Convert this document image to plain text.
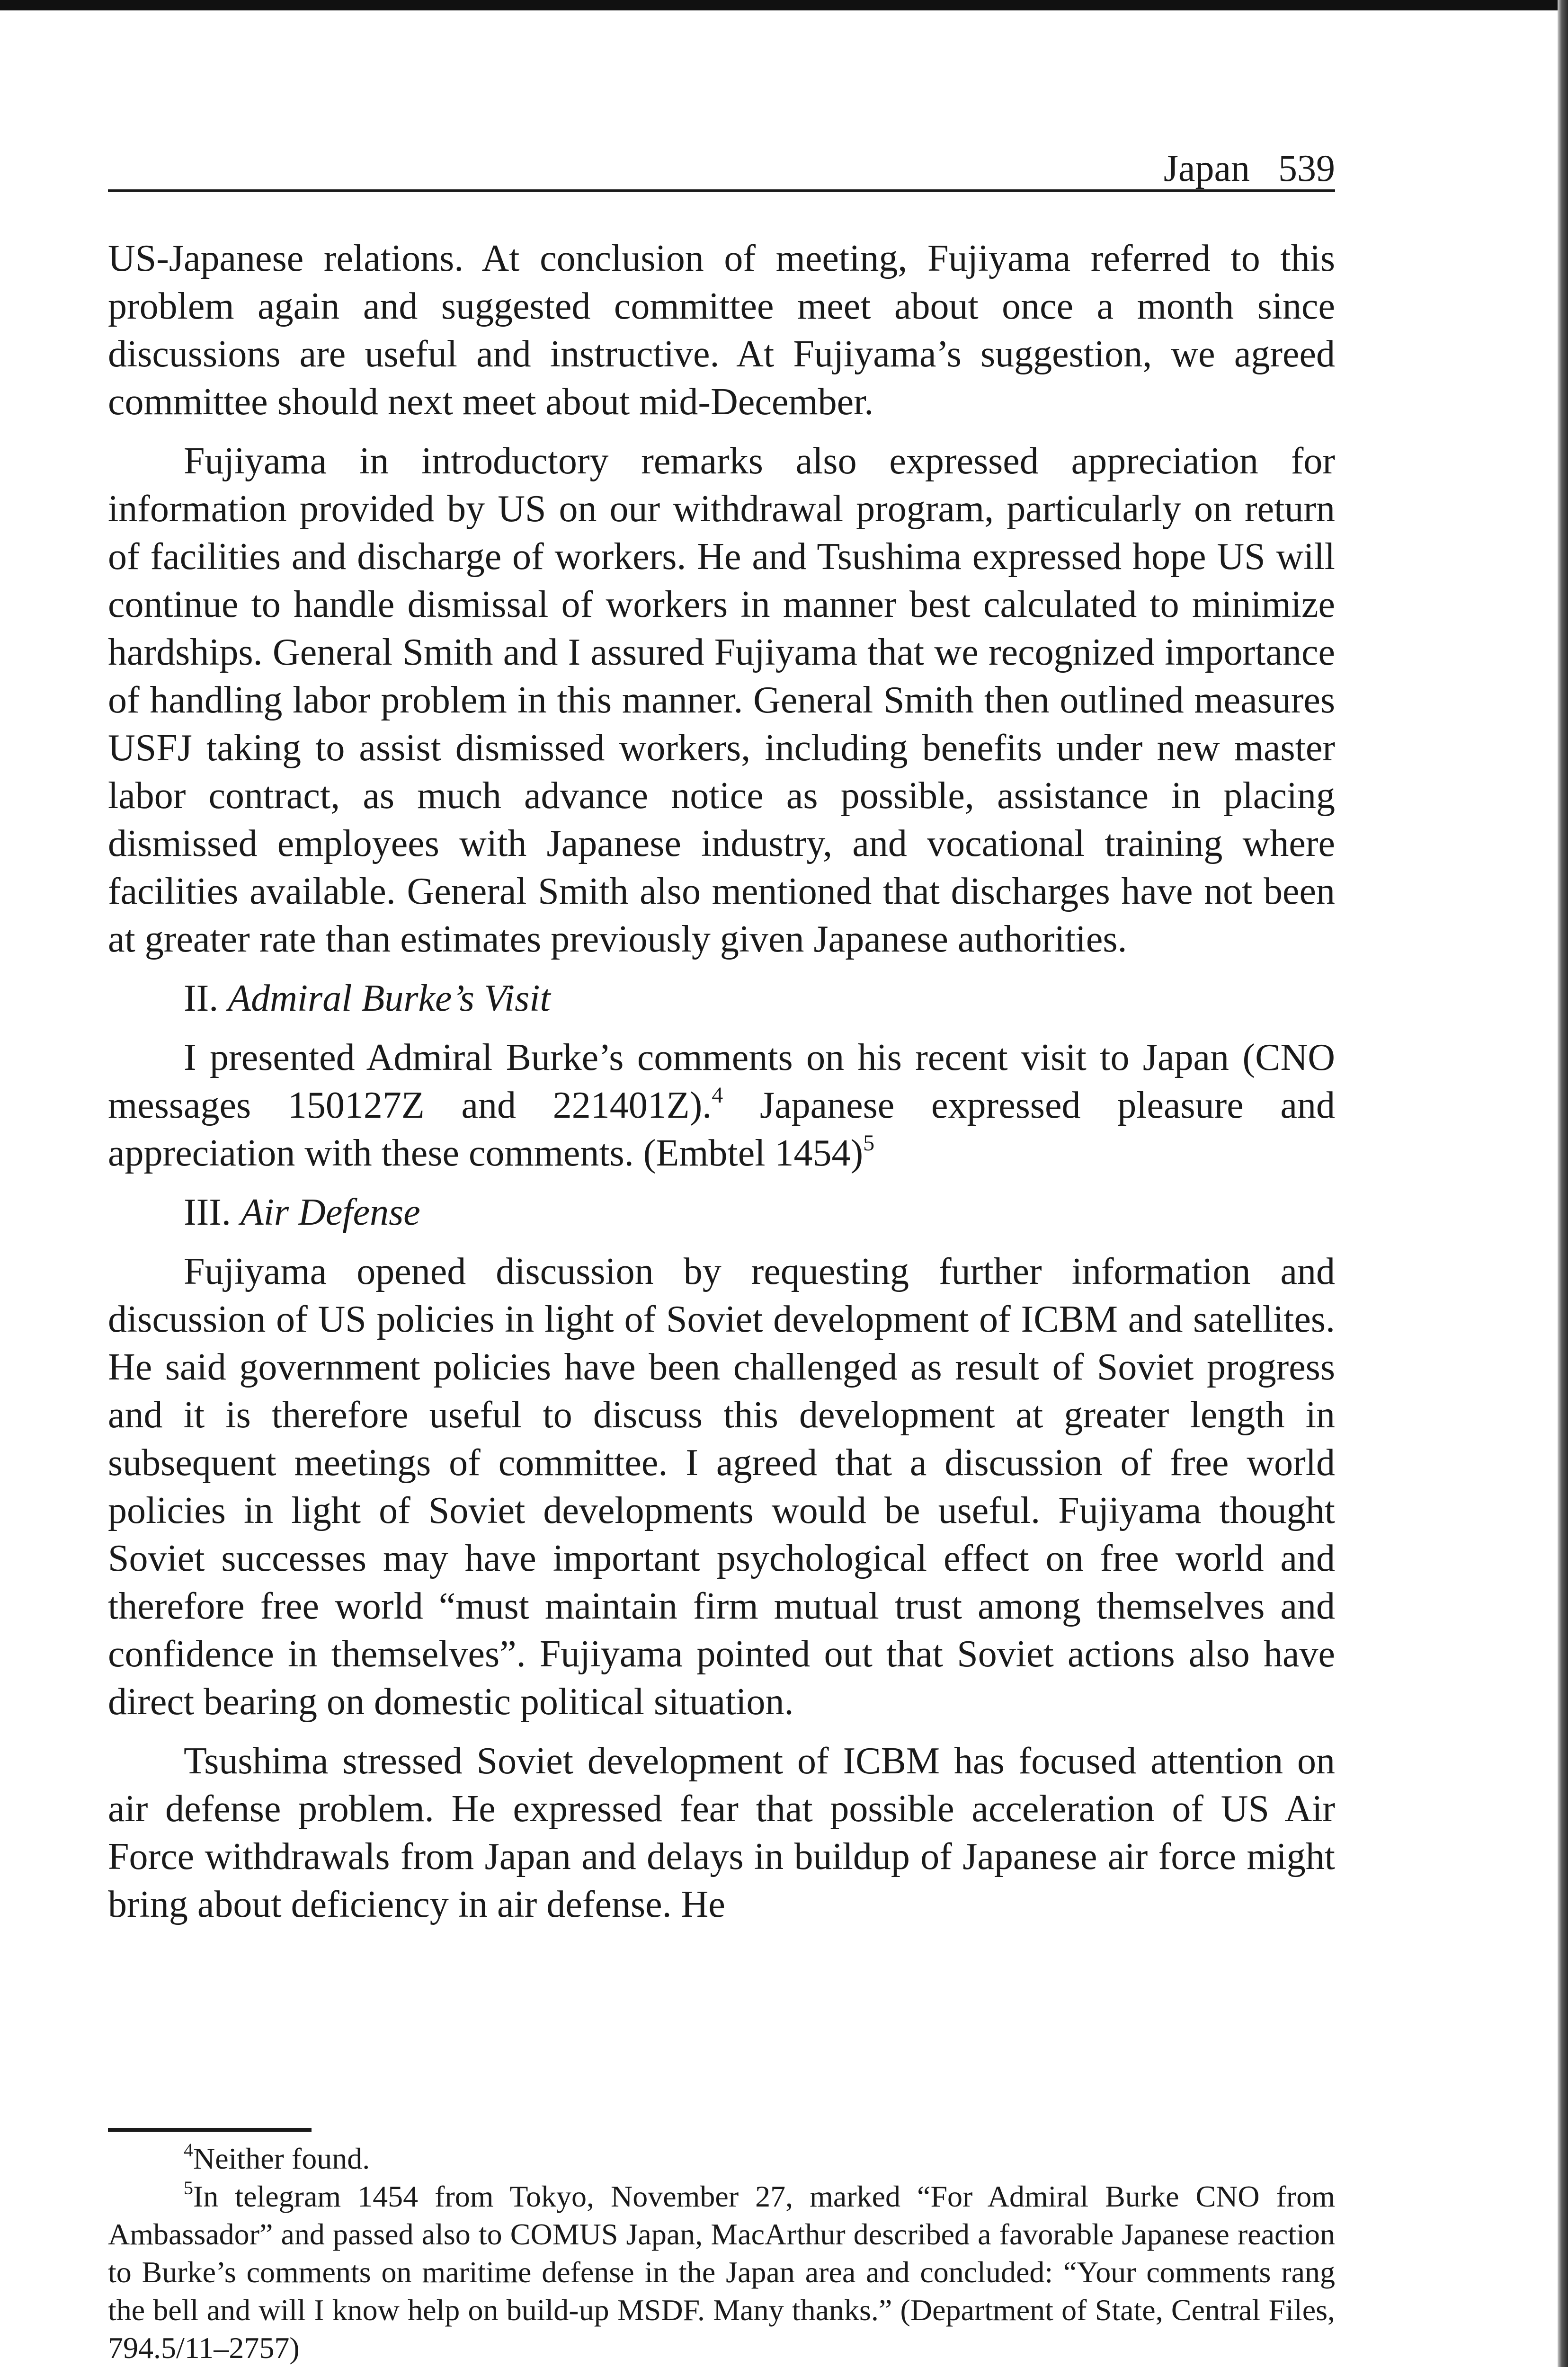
Japan   539

US-Japanese relations. At conclusion of meeting, Fujiyama referred to this problem again and suggested committee meet about once a month since discussions are useful and instructive. At Fujiyama’s suggestion, we agreed committee should next meet about mid-December.

Fujiyama in introductory remarks also expressed appreciation for information provided by US on our withdrawal program, particularly on return of facilities and discharge of workers. He and Tsushima expressed hope US will continue to handle dismissal of workers in manner best calculated to minimize hardships. General Smith and I assured Fujiyama that we recognized importance of handling labor problem in this manner. General Smith then outlined measures USFJ taking to assist dismissed workers, including benefits under new master labor contract, as much advance notice as possible, assistance in placing dismissed employees with Japanese industry, and vocational training where facilities available. General Smith also mentioned that discharges have not been at greater rate than estimates previously given Japanese authorities.

II. Admiral Burke’s Visit

I presented Admiral Burke’s comments on his recent visit to Japan (CNO messages 150127Z and 221401Z).$^4$ Japanese expressed pleasure and appreciation with these comments. (Embtel 1454)$^5$

III. Air Defense

Fujiyama opened discussion by requesting further information and discussion of US policies in light of Soviet development of ICBM and satellites. He said government policies have been challenged as result of Soviet progress and it is therefore useful to discuss this development at greater length in subsequent meetings of committee. I agreed that a discussion of free world policies in light of Soviet developments would be useful. Fujiyama thought Soviet successes may have important psychological effect on free world and therefore free world “must maintain firm mutual trust among themselves and confidence in themselves”. Fujiyama pointed out that Soviet actions also have direct bearing on domestic political situation.

Tsushima stressed Soviet development of ICBM has focused attention on air defense problem. He expressed fear that possible acceleration of US Air Force withdrawals from Japan and delays in buildup of Japanese air force might bring about deficiency in air defense. He

$^4$Neither found.

$^5$In telegram 1454 from Tokyo, November 27, marked “For Admiral Burke CNO from Ambassador” and passed also to COMUS Japan, MacArthur described a favorable Japanese reaction to Burke’s comments on maritime defense in the Japan area and concluded: “Your comments rang the bell and will I know help on build-up MSDF. Many thanks.” (Department of State, Central Files, 794.5/11–2757)
